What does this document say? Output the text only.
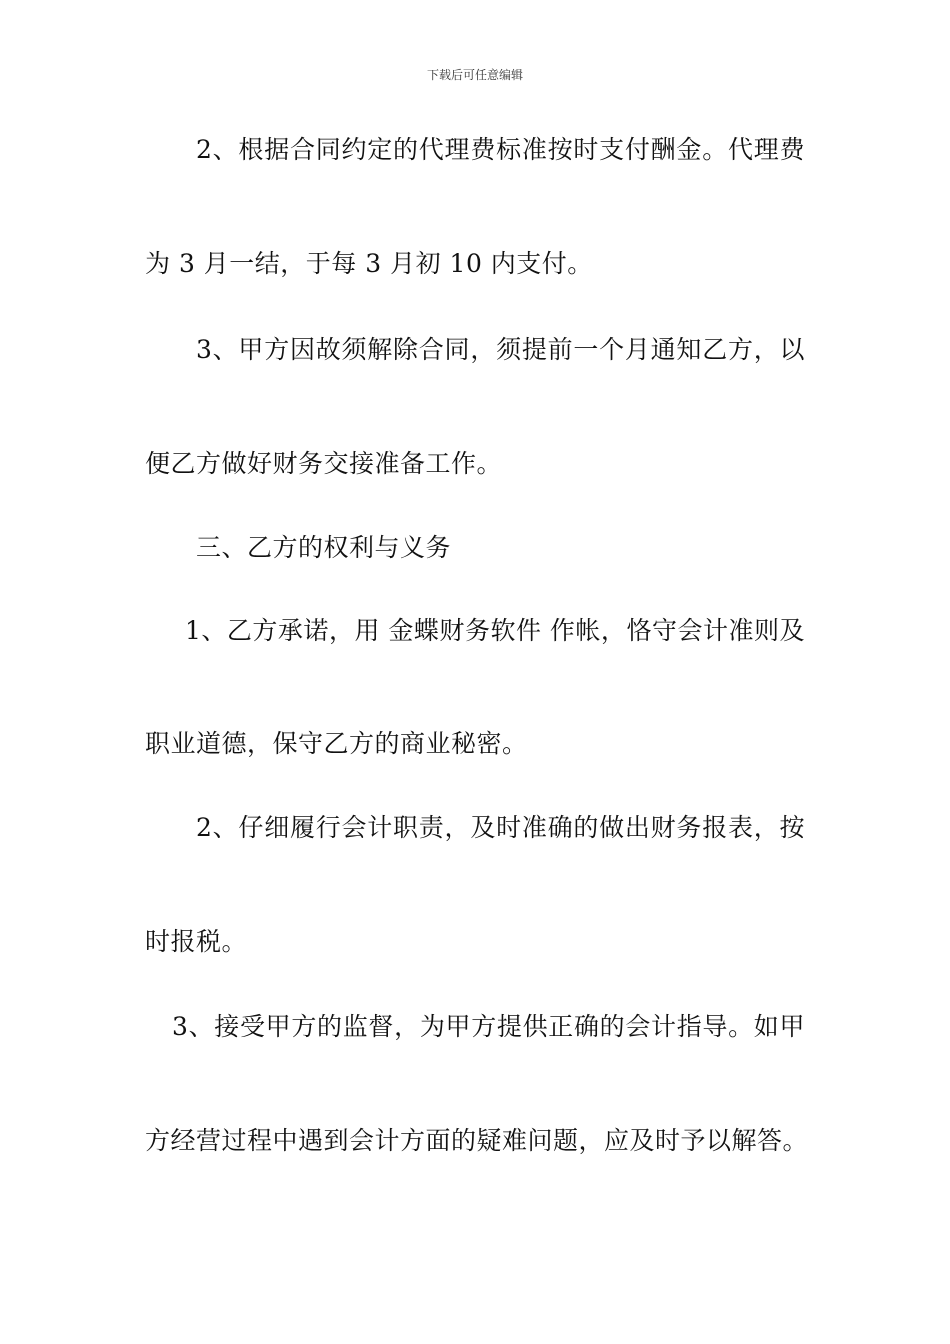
下载后可任意编辑
2、根据合同约定的代理费标准按时支付酬金。代理费
为 3 月一结，于每 3 月初 10 内支付。
3、甲方因故须解除合同，须提前一个月通知乙方，以
便乙方做好财务交接准备工作。
三、乙方的权利与义务
1、乙方承诺，用 金蝶财务软件 作帐，恪守会计准则及
职业道德，保守乙方的商业秘密。
2、仔细履行会计职责，及时准确的做出财务报表，按
时报税。
3、接受甲方的监督，为甲方提供正确的会计指导。如甲
方经营过程中遇到会计方面的疑难问题，应及时予以解答。
